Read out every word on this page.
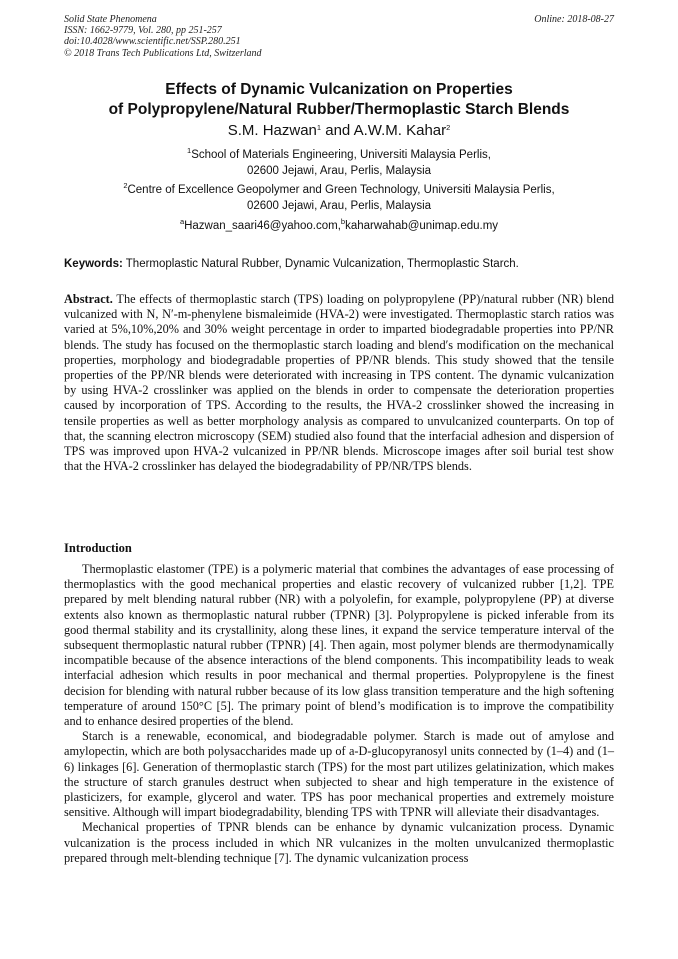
Solid State Phenomena
ISSN: 1662-9779, Vol. 280, pp 251-257
doi:10.4028/www.scientific.net/SSP.280.251
© 2018 Trans Tech Publications Ltd, Switzerland
Online: 2018-08-27
Effects of Dynamic Vulcanization on Properties
of Polypropylene/Natural Rubber/Thermoplastic Starch Blends
S.M. Hazwan$^1$ and A.W.M. Kahar$^2$
$^1$School of Materials Engineering, Universiti Malaysia Perlis,
02600 Jejawi, Arau, Perlis, Malaysia
$^2$Centre of Excellence Geopolymer and Green Technology, Universiti Malaysia Perlis,
02600 Jejawi, Arau, Perlis, Malaysia
$^a$Hazwan_saari46@yahoo.com,$^b$kaharwahab@unimap.edu.my
Keywords: Thermoplastic Natural Rubber, Dynamic Vulcanization, Thermoplastic Starch.
Abstract. The effects of thermoplastic starch (TPS) loading on polypropylene (PP)/natural rubber (NR) blend vulcanized with N, N′-m-phenylene bismaleimide (HVA-2) were investigated. Thermoplastic starch ratios was varied at 5%,10%,20% and 30% weight percentage in order to imparted biodegradable properties into PP/NR blends. The study has focused on the thermoplastic starch loading and blend′s modification on the mechanical properties, morphology and biodegradable properties of PP/NR blends. This study showed that the tensile properties of the PP/NR blends were deteriorated with increasing in TPS content. The dynamic vulcanization by using HVA-2 crosslinker was applied on the blends in order to compensate the deterioration properties caused by incorporation of TPS. According to the results, the HVA-2 crosslinker showed the increasing in tensile properties as well as better morphology analysis as compared to unvulcanized counterparts. On top of that, the scanning electron microscopy (SEM) studied also found that the interfacial adhesion and dispersion of TPS was improved upon HVA-2 vulcanized in PP/NR blends. Microscope images after soil burial test show that the HVA-2 crosslinker has delayed the biodegradability of PP/NR/TPS blends.
Introduction

Thermoplastic elastomer (TPE) is a polymeric material that combines the advantages of ease processing of thermoplastics with the good mechanical properties and elastic recovery of vulcanized rubber [1,2]. TPE prepared by melt blending natural rubber (NR) with a polyolefin, for example, polypropylene (PP) at diverse extents also known as thermoplastic natural rubber (TPNR) [3]. Polypropylene is picked inferable from its good thermal stability and its crystallinity, along these lines, it expand the service temperature interval of the subsequent thermoplastic natural rubber (TPNR) [4]. Then again, most polymer blends are thermodynamically incompatible because of the absence interactions of the blend components. This incompatibility leads to weak interfacial adhesion which results in poor mechanical and thermal properties. Polypropylene is the finest decision for blending with natural rubber because of its low glass transition temperature and the high softening temperature of around 150°C [5]. The primary point of blend’s modification is to improve the compatibility and to enhance desired properties of the blend.

Starch is a renewable, economical, and biodegradable polymer. Starch is made out of amylose and amylopectin, which are both polysaccharides made up of a-D-glucopyranosyl units connected by (1–4) and (1–6) linkages [6]. Generation of thermoplastic starch (TPS) for the most part utilizes gelatinization, which makes the structure of starch granules destruct when subjected to shear and high temperature in the existence of plasticizers, for example, glycerol and water. TPS has poor mechanical properties and extremely moisture sensitive. Although will impart biodegradability, blending TPS with TPNR will alleviate their disadvantages.

Mechanical properties of TPNR blends can be enhance by dynamic vulcanization process. Dynamic vulcanization is the process included in which NR vulcanizes in the molten unvulcanized thermoplastic prepared through melt-blending technique [7]. The dynamic vulcanization process
